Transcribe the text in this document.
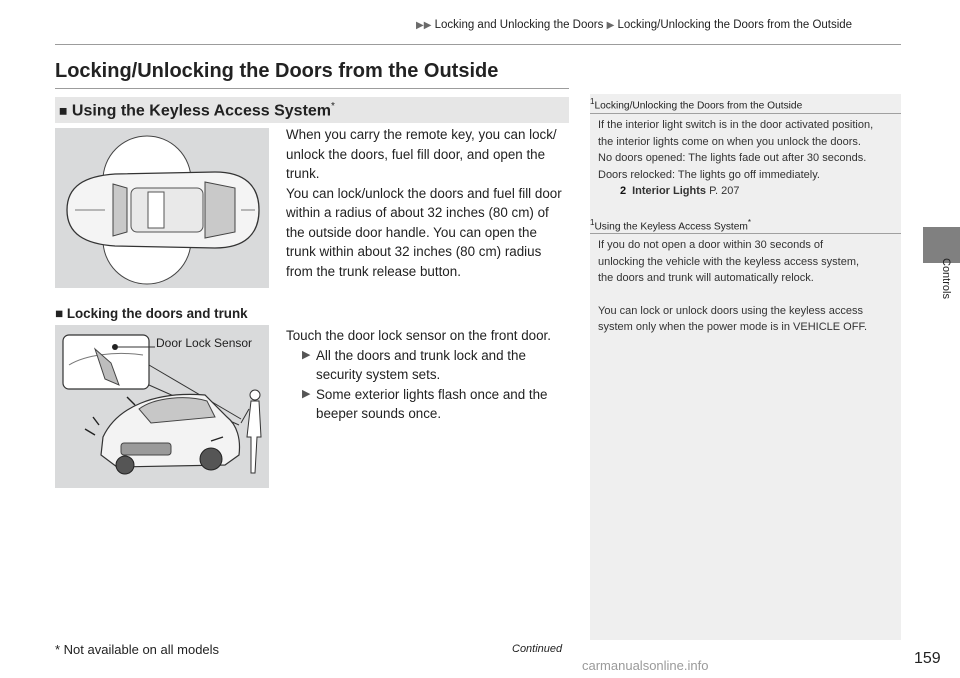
▶▶ Locking and Unlocking the Doors ▶ Locking/Unlocking the Doors from the Outside
Locking/Unlocking the Doors from the Outside
■ Using the Keyless Access System*
When you carry the remote key, you can lock/
unlock the doors, fuel fill door, and open the
trunk.
You can lock/unlock the doors and fuel fill door
within a radius of about 32 inches (80 cm) of
the outside door handle. You can open the
trunk within about 32 inches (80 cm) radius
from the trunk release button.
■ Locking the doors and trunk
Door Lock Sensor	Touch the door lock sensor on the front door.
▶ All the doors and trunk lock and the
security system sets.
▶ Some exterior lights flash once and the
beeper sounds once.
$^1$Locking/Unlocking the Doors from the Outside
If the interior light switch is in the door activated position,
the interior lights come on when you unlock the doors.
No doors opened: The lights fade out after 30 seconds.
Doors relocked: The lights go off immediately.
2 Interior Lights P. 207
$^1$Using the Keyless Access System*
If you do not open a door within 30 seconds of
unlocking the vehicle with the keyless access system,
the doors and trunk will automatically relock.
You can lock or unlock doors using the keyless access
system only when the power mode is in VEHICLE OFF.
Controls
* Not available on all models	Continued
159
carmanualsonline.info
